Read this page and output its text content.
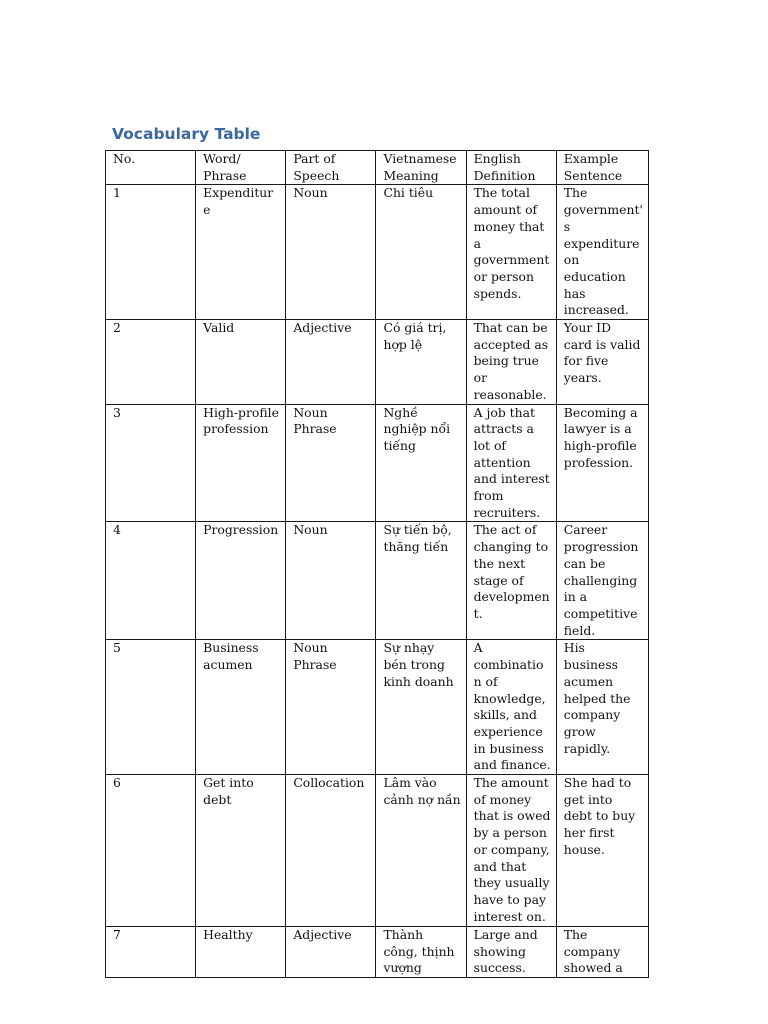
Vocabulary Table
No.	Word/ Phrase	Part of Speech	Vietnamese Meaning	English Definition	Example Sentence
1	Expenditure	Noun	Chi tiêu	The total amount of money that a government or person spends.	The government's expenditure on education has increased.
2	Valid	Adjective	Có giá trị, hợp lệ	That can be accepted as being true or reasonable.	Your ID card is valid for five years.
3	High-profile profession	Noun Phrase	Nghề nghiệp nổi tiếng	A job that attracts a lot of attention and interest from recruiters.	Becoming a lawyer is a high-profile profession.
4	Progression	Noun	Sự tiến bộ, thăng tiến	The act of changing to the next stage of development.	Career progression can be challenging in a competitive field.
5	Business acumen	Noun Phrase	Sự nhạy bén trong kinh doanh	A combination of knowledge, skills, and experience in business and finance.	His business acumen helped the company grow rapidly.
6	Get into debt	Collocation	Lâm vào cảnh nợ nần	The amount of money that is owed by a person or company, and that they usually have to pay interest on.	She had to get into debt to buy her first house.
7	Healthy	Adjective	Thành công, thịnh vượng	Large and showing success.	The company showed a
